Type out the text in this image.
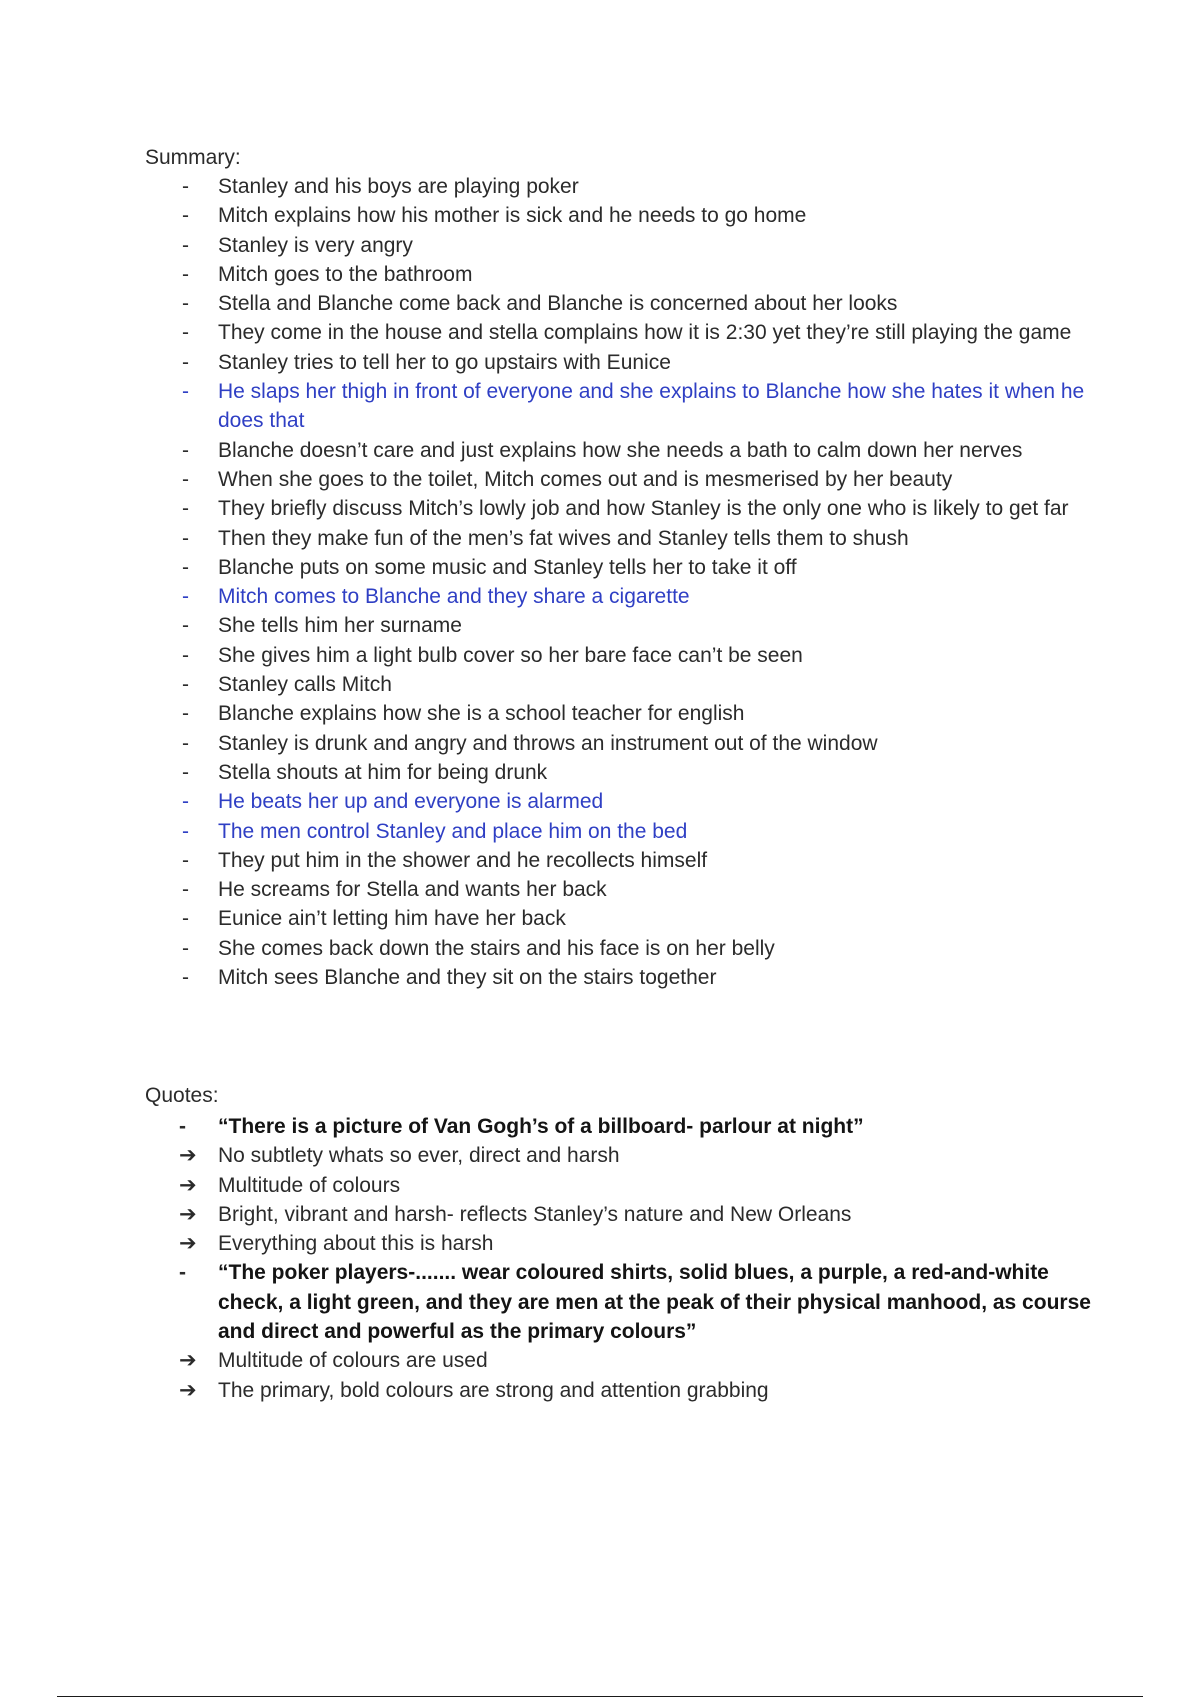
Summary:
-	Stanley and his boys are playing poker
-	Mitch explains how his mother is sick and he needs to go home
-	Stanley is very angry
-	Mitch goes to the bathroom
-	Stella and Blanche come back and Blanche is concerned about her looks
-	They come in the house and stella complains how it is 2:30 yet they’re still playing the game
-	Stanley tries to tell her to go upstairs with Eunice
-	He slaps her thigh in front of everyone and she explains to Blanche how she hates it when he does that
-	Blanche doesn’t care and just explains how she needs a bath to calm down her nerves
-	When she goes to the toilet, Mitch comes out and is mesmerised by her beauty
-	They briefly discuss Mitch’s lowly job and how Stanley is the only one who is likely to get far
-	Then they make fun of the men’s fat wives and Stanley tells them to shush
-	Blanche puts on some music and Stanley tells her to take it off
-	Mitch comes to Blanche and they share a cigarette
-	She tells him her surname
-	She gives him a light bulb cover so her bare face can’t be seen
-	Stanley calls Mitch
-	Blanche explains how she is a school teacher for english
-	Stanley is drunk and angry and throws an instrument out of the window
-	Stella shouts at him for being drunk
-	He beats her up and everyone is alarmed
-	The men control Stanley and place him on the bed
-	They put him in the shower and he recollects himself
-	He screams for Stella and wants her back
-	Eunice ain’t letting him have her back
-	She comes back down the stairs and his face is on her belly
-	Mitch sees Blanche and they sit on the stairs together
Quotes:
-	“There is a picture of Van Gogh’s of a billboard- parlour at night”
➔ No subtlety whats so ever, direct and harsh
➔ Multitude of colours
➔ Bright, vibrant and harsh- reflects Stanley’s nature and New Orleans
➔ Everything about this is harsh
-	“The poker players-....... wear coloured shirts, solid blues, a purple, a red-and-white check, a light green, and they are men at the peak of their physical manhood, as course and direct and powerful as the primary colours”
➔ Multitude of colours are used
➔ The primary, bold colours are strong and attention grabbing
